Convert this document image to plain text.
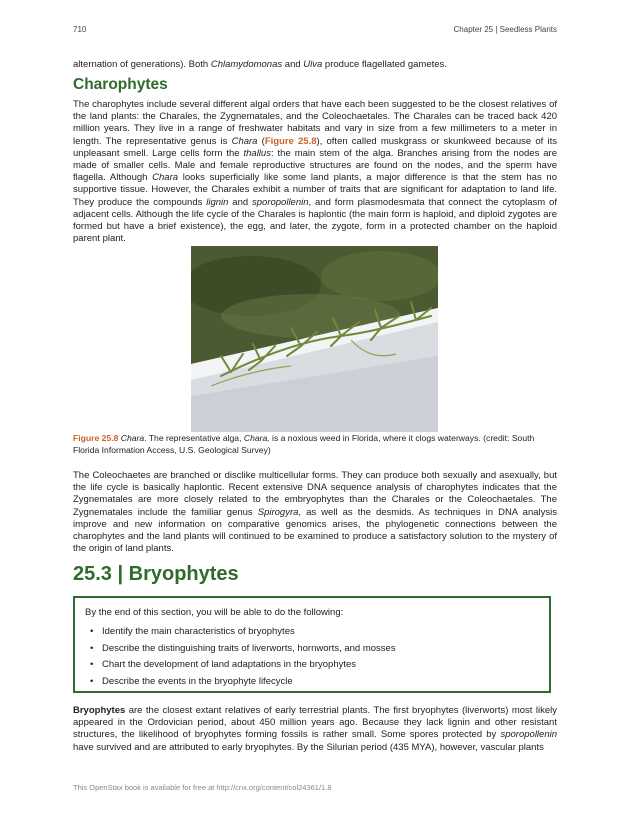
710	Chapter 25 | Seedless Plants

alternation of generations). Both Chlamydomonas and Ulva produce flagellated gametes.

Charophytes

The charophytes include several different algal orders that have each been suggested to be the closest relatives of the land plants: the Charales, the Zygnematales, and the Coleochaetales. The Charales can be traced back 420 million years. They live in a range of freshwater habitats and vary in size from a few millimeters to a meter in length. The representative genus is Chara (Figure 25.8), often called muskgrass or skunkweed because of its unpleasant smell. Large cells form the thallus: the main stem of the alga. Branches arising from the nodes are made of smaller cells. Male and female reproductive structures are found on the nodes, and the sperm have flagella. Although Chara looks superficially like some land plants, a major difference is that the stem has no supportive tissue. However, the Charales exhibit a number of traits that are significant for adaptation to land life. They produce the compounds lignin and sporopollenin, and form plasmodesmata that connect the cytoplasm of adjacent cells. Although the life cycle of the Charales is haplontic (the main form is haploid, and diploid zygotes are formed but have a brief existence), the egg, and later, the zygote, form in a protected chamber on the haploid parent plant.

Figure 25.8 Chara. The representative alga, Chara, is a noxious weed in Florida, where it clogs waterways. (credit: South Florida Information Access, U.S. Geological Survey)

The Coleochaetes are branched or disclike multicellular forms. They can produce both sexually and asexually, but the life cycle is basically haplontic. Recent extensive DNA sequence analysis of charophytes indicates that the Zygnematales are more closely related to the embryophytes than the Charales or the Coleochaetales. The Zygnematales include the familiar genus Spirogyra, as well as the desmids. As techniques in DNA analysis improve and new information on comparative genomics arises, the phylogenetic connections between the charophytes and the land plants will continued to be examined to produce a satisfactory solution to the mystery of the origin of land plants.

25.3 | Bryophytes
By the end of this section, you will be able to do the following:
• Identify the main characteristics of bryophytes
• Describe the distinguishing traits of liverworts, hornworts, and mosses
• Chart the development of land adaptations in the bryophytes
• Describe the events in the bryophyte lifecycle

Bryophytes are the closest extant relatives of early terrestrial plants. The first bryophytes (liverworts) most likely appeared in the Ordovician period, about 450 million years ago. Because they lack lignin and other resistant structures, the likelihood of bryophytes forming fossils is rather small. Some spores protected by sporopollenin have survived and are attributed to early bryophytes. By the Silurian period (435 MYA), however, vascular plants

This OpenStax book is available for free at http://cnx.org/content/col24361/1.8
